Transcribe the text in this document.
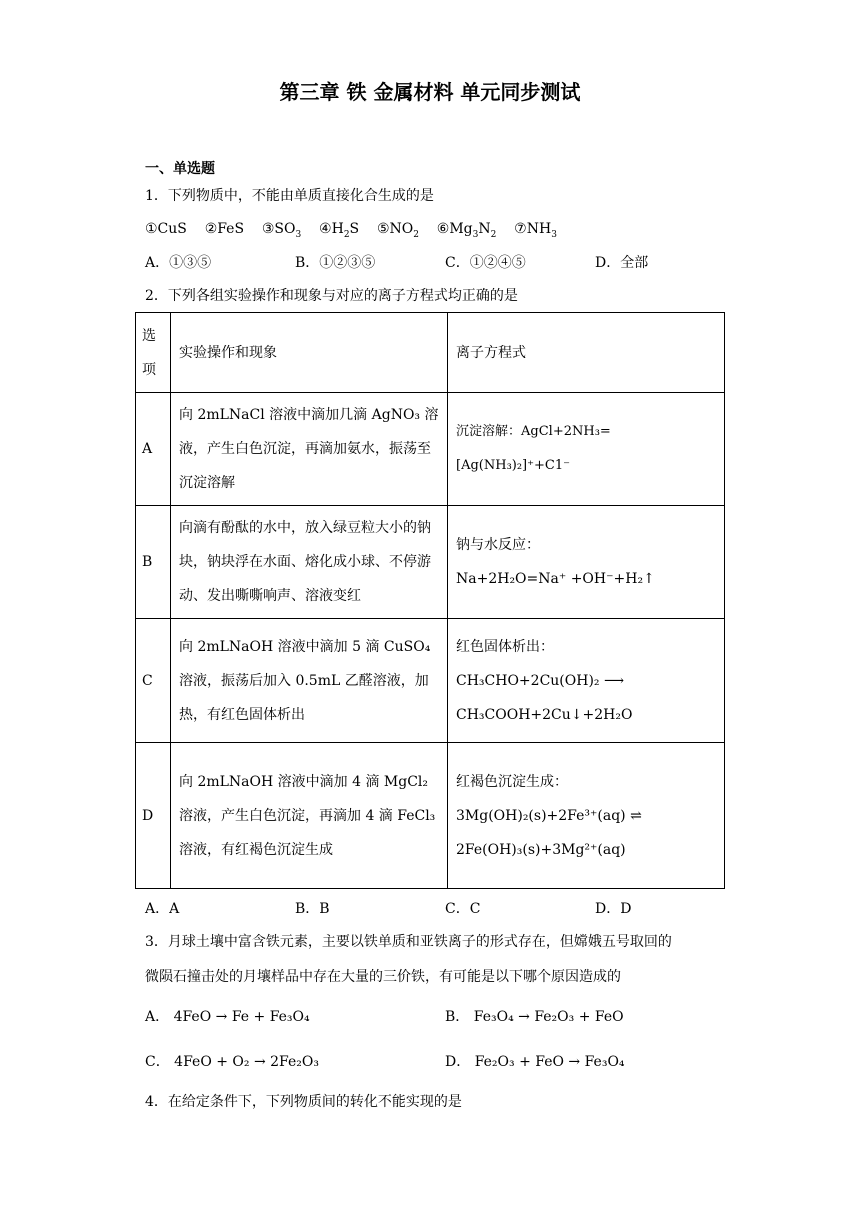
第三章 铁 金属材料 单元同步测试
一、单选题
1．下列物质中，不能由单质直接化合生成的是
①CuS ②FeS $③SO_3$ $④H_2S$ $⑤NO_2$ $⑥Mg_3N_2$ $⑦NH_3$
A．①③⑤	B．①②③⑤	C．①②④⑤	D．全部
2．下列各组实验操作和现象与对应的离子方程式均正确的是
选项	实验操作和现象	离子方程式
A	向 2mLNaCl 溶液中滴加几滴 AgNO₃ 溶液，产生白色沉淀，再滴加氨水，振荡至沉淀溶解	沉淀溶解：AgCl+2NH₃=[Ag(NH₃)₂]⁺+C1⁻
B	向滴有酚酞的水中，放入绿豆粒大小的钠块，钠块浮在水面、熔化成小球、不停游动、发出嘶嘶响声、溶液变红	钠与水反应：
Na+2H₂O=Na⁺ +OH⁻+H₂↑

C	向 2mLNaOH 溶液中滴加 5 滴 CuSO₄ 溶液，振荡后加入 0.5mL 乙醛溶液，加热，有红色固体析出	红色固体析出：
CH₃CHO+2Cu(OH)₂ ⟶ CH₃COOH+2Cu↓+2H₂O

D	向 2mLNaOH 溶液中滴加 4 滴 MgCl₂ 溶液，产生白色沉淀，再滴加 4 滴 FeCl₃ 溶液，有红褐色沉淀生成	红褐色沉淀生成：
3Mg(OH)₂(s)+2Fe³⁺(aq) ⇌ 2Fe(OH)₃(s)+3Mg²⁺(aq)
A．A	B．B	C．C	D．D
3．月球土壤中富含铁元素，主要以铁单质和亚铁离子的形式存在，但嫦娥五号取回的
微陨石撞击处的月壤样品中存在大量的三价铁，有可能是以下哪个原因造成的
A． 4FeO → Fe + Fe₃O₄	B． Fe₃O₄ → Fe₂O₃ + FeO
C． 4FeO + O₂ → 2Fe₂O₃	D． Fe₂O₃ + FeO → Fe₃O₄
4．在给定条件下，下列物质间的转化不能实现的是
